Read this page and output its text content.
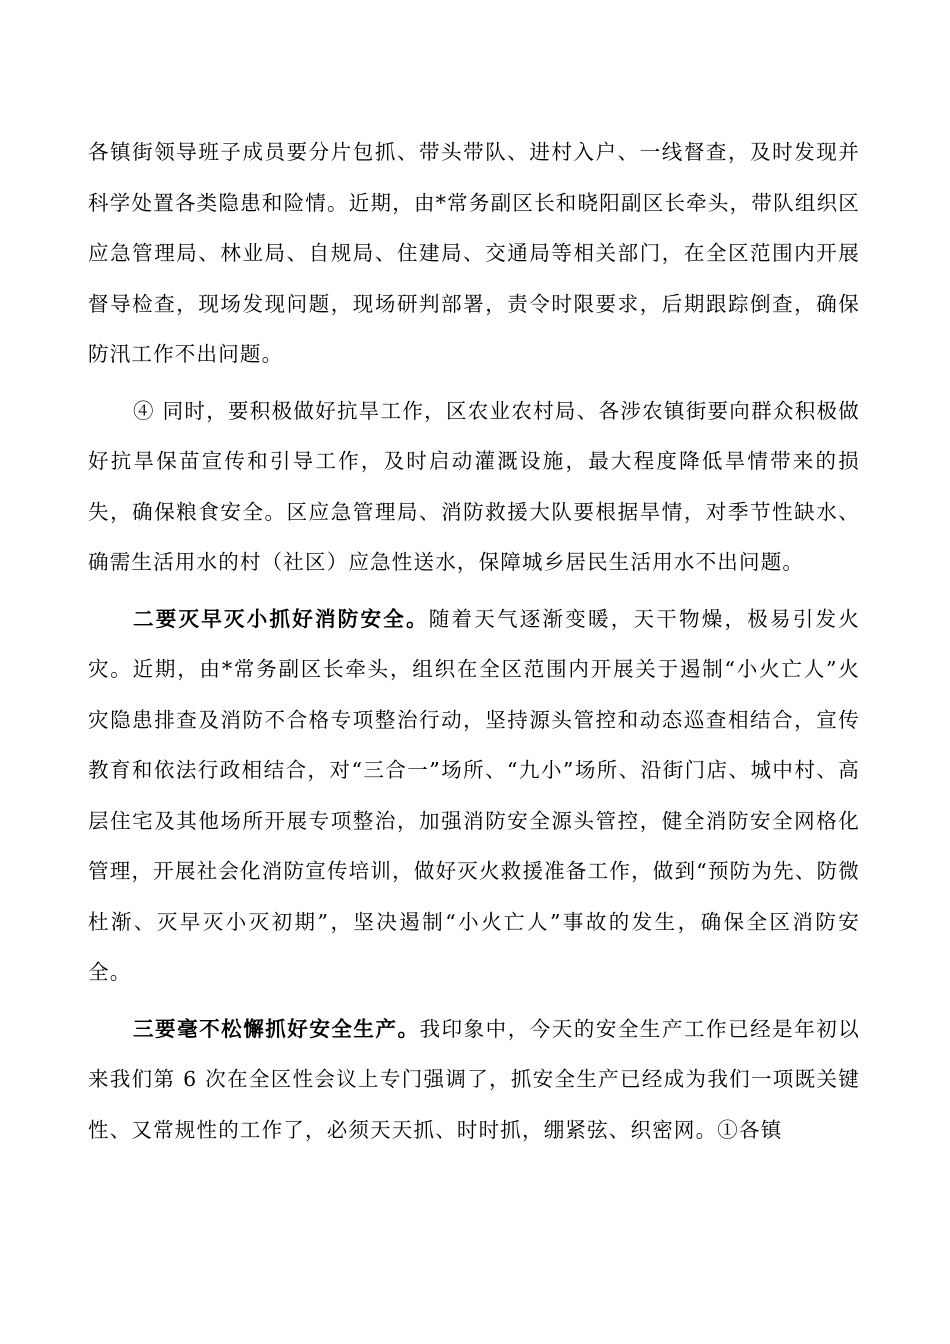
各镇街领导班子成员要分片包抓、带头带队、进村入户、一线督查，及时发现并科学处置各类隐患和险情。近期，由*常务副区长和晓阳副区长牵头，带队组织区应急管理局、林业局、自规局、住建局、交通局等相关部门，在全区范围内开展督导检查，现场发现问题，现场研判部署，责令时限要求，后期跟踪倒查，确保防汛工作不出问题。

④ 同时，要积极做好抗旱工作，区农业农村局、各涉农镇街要向群众积极做好抗旱保苗宣传和引导工作，及时启动灌溉设施，最大程度降低旱情带来的损失，确保粮食安全。区应急管理局、消防救援大队要根据旱情，对季节性缺水、确需生活用水的村（社区）应急性送水，保障城乡居民生活用水不出问题。

二要灭早灭小抓好消防安全。随着天气逐渐变暖，天干物燥，极易引发火灾。近期，由*常务副区长牵头，组织在全区范围内开展关于遏制“小火亡人”火灾隐患排查及消防不合格专项整治行动，坚持源头管控和动态巡查相结合，宣传教育和依法行政相结合，对“三合一”场所、“九小”场所、沿街门店、城中村、高层住宅及其他场所开展专项整治，加强消防安全源头管控，健全消防安全网格化管理，开展社会化消防宣传培训，做好灭火救援准备工作，做到“预防为先、防微杜渐、灭早灭小灭初期”，坚决遏制“小火亡人”事故的发生，确保全区消防安全。

三要毫不松懈抓好安全生产。我印象中，今天的安全生产工作已经是年初以来我们第 6 次在全区性会议上专门强调了，抓安全生产已经成为我们一项既关键性、又常规性的工作了，必须天天抓、时时抓，绷紧弦、织密网。①各镇
